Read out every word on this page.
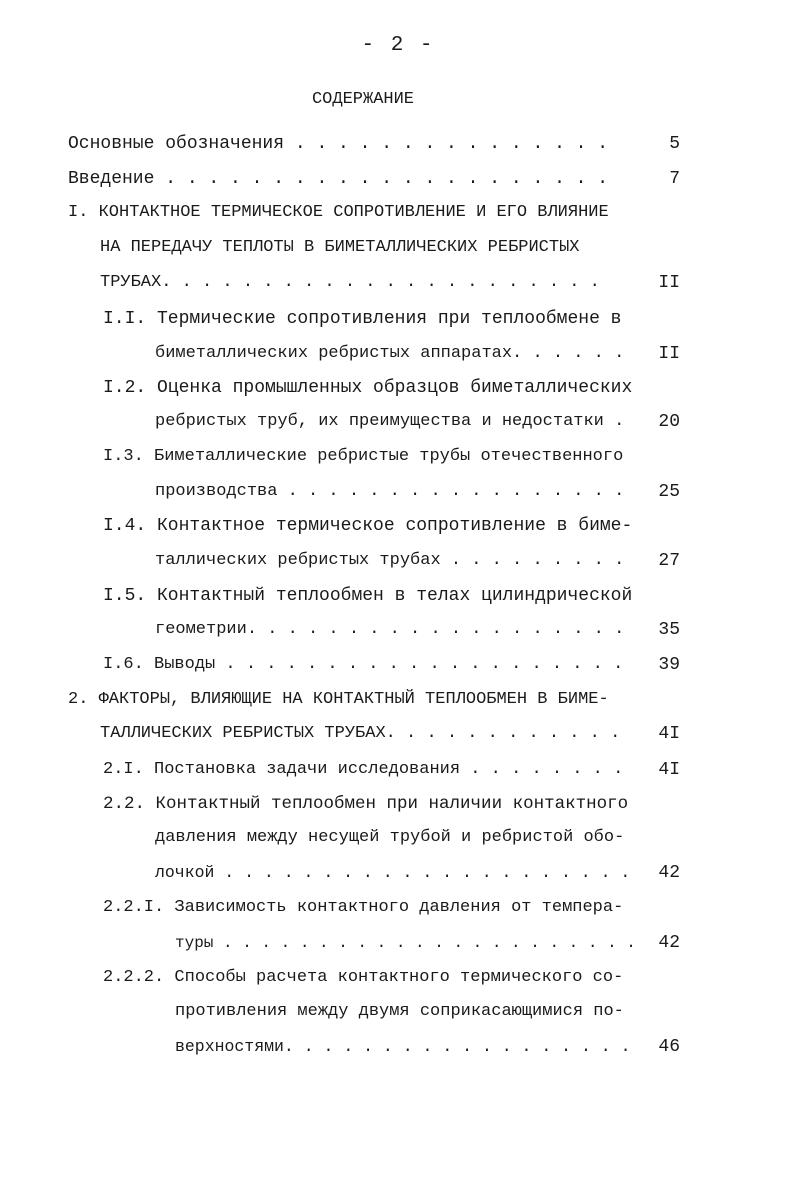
- 2 -
СОДЕРЖАНИЕ
Основные обозначения . . . . . . . . . . . . . . .	5
Введение . . . . . . . . . . . . . . . . . . . . .	7
I. КОНТАКТНОЕ ТЕРМИЧЕСКОЕ СОПРОТИВЛЕНИЕ И ЕГО ВЛИЯНИЕ
НА ПЕРЕДАЧУ ТЕПЛОТЫ В БИМЕТАЛЛИЧЕСКИХ РЕБРИСТЫХ
ТРУБАХ. . . . . . . . . . . . . . . . . . . . . .	II
I.I. Термические сопротивления при теплообмене в
биметаллических ребристых аппаратах. . . . . .	II
I.2. Оценка промышленных образцов биметаллических
ребристых труб, их преимущества и недостатки .	20
I.3. Биметаллические ребристые трубы отечественного
производства . . . . . . . . . . . . . . . . .	25
I.4. Контактное термическое сопротивление в биме-
таллических ребристых трубах . . . . . . . . .	27
I.5. Контактный теплообмен в телах цилиндрической
геометрии. . . . . . . . . . . . . . . . . . .	35
I.6. Выводы . . . . . . . . . . . . . . . . . . . .	39
2. ФАКТОРЫ, ВЛИЯЮЩИЕ НА КОНТАКТНЫЙ ТЕПЛООБМЕН В БИМЕ-
ТАЛЛИЧЕСКИХ РЕБРИСТЫХ ТРУБАХ. . . . . . . . . . . .	4I
2.I. Постановка задачи исследования . . . . . . . .	4I
2.2. Контактный теплообмен при наличии контактного
давления между несущей трубой и ребристой обо-
лочкой . . . . . . . . . . . . . . . . . . . . .	42
2.2.I. Зависимость контактного давления от темпера-
туры . . . . . . . . . . . . . . . . . . . . . .	42
2.2.2. Способы расчета контактного термического со-
противления между двумя соприкасающимися по-
верхностями. . . . . . . . . . . . . . . . . .	46
